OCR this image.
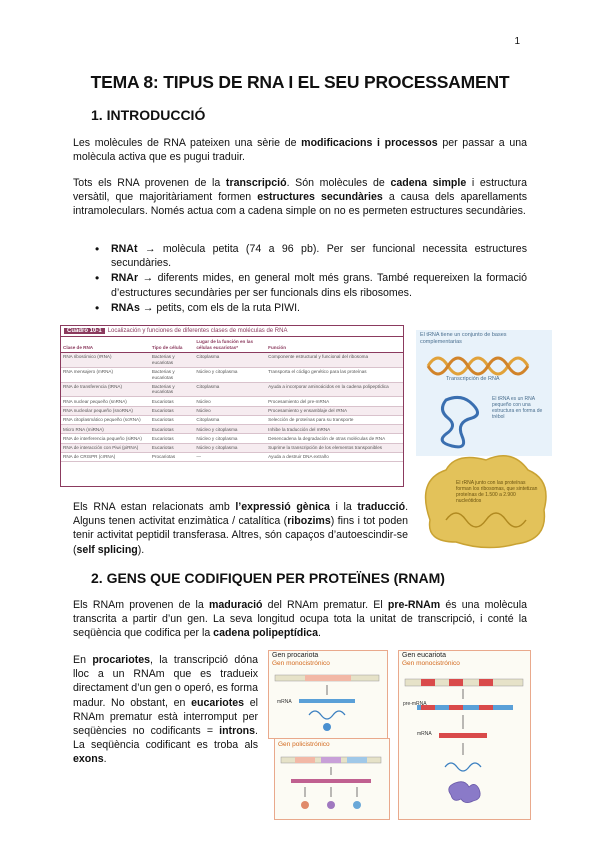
1
TEMA 8: TIPUS DE RNA I EL SEU PROCESSAMENT
1. INTRODUCCIÓ

Les molècules de RNA pateixen una sèrie de modificacions i processos per passar a una molècula activa que es pugui traduir.

Tots els RNA provenen de la transcripció. Són molècules de cadena simple i estructura versàtil, que majoritàriament formen estructures secundàries a causa dels aparellaments intramoleculars. Només actua com a cadena simple on no es permeten estructures secundàries.

• RNAt → molècula petita (74 a 96 pb). Per ser funcional necessita estructures secundàries.
• RNAr → diferents mides, en general molt més grans. També requereixen la formació d’estructures secundàries per ser funcionals dins els ribosomes.
• RNAs → petits, com els de la ruta PIWI.
Cuadro 10-1 Localización y funciones de diferentes clases de moléculas de RNA
Clase de RNA	Tipo de célula	Lugar de la función en las células eucariotas*	Función
RNA ribosómico (rRNA)	Bacterias y eucariotas	Citoplasma	Componente estructural y funcional del ribosoma
RNA mensajero (mRNA)	Bacterias y eucariotas	Núcleo y citoplasma	Transporta el código genético para las proteínas
RNA de transferencia (tRNA)	Bacterias y eucariotas	Citoplasma	Ayuda a incorporar aminoácidos en la cadena polipeptídica
RNA nuclear pequeño (snRNA)	Eucariotas	Núcleo	Procesamiento del pre-mRNA
RNA nucleolar pequeño (snoRNA)	Eucariotas	Núcleo	Procesamiento y ensamblaje del rRNA
RNA citoplasmático pequeño (scRNA)	Eucariotas	Citoplasma	Selección de proteínas para su transporte
Micro RNA (miRNA)	Eucariotas	Núcleo y citoplasma	Inhibe la traducción del mRNA
RNA de interferencia pequeño (siRNA)	Eucariotas	Núcleo y citoplasma	Desencadena la degradación de otras moléculas de RNA
RNA de interacción con Piwi (piRNA)	Eucariotas	Núcleo y citoplasma	Suprime la transcripción de los elementos transponibles
RNA de CRISPR (crRNA)	Procariotas	—	Ayuda a destruir DNA extraño
El tRNA tiene un conjunto de bases complementarias
Transcripción de RNA
El tRNA es un RNA pequeño con una estructura en forma de trébol
El rRNA junto con las proteínas forman los ribosomas, que sintetizan proteínas de 1.500 a 2.900 nucleótidos

Els RNA estan relacionats amb l’expressió gènica i la traducció. Alguns tenen activitat enzimàtica / catalítica (ribozims) fins i tot poden tenir activitat peptidil transferasa. Altres, són capaços d’autoescindir-se (self splicing).

2. GENS QUE CODIFIQUEN PER PROTEÏNES (RNAM)

Els RNAm provenen de la maduració del RNAm prematur. El pre-RNAm és una molècula transcrita a partir d’un gen. La seva longitud ocupa tota la unitat de transcripció, i conté la seqüència que codifica per la cadena polipeptídica.

En procariotes, la transcripció dóna lloc a un RNAm que es tradueix directament d’un gen o operó, es forma madur. No obstant, en eucariotes el RNAm prematur està interromput per seqüències no codificants = introns. La seqüència codificant es troba als exons.

Gen procariota
Gen monocistrónico
mRNA
Gen policistrónico
Gen eucariota
Gen monocistrónico
pre-mRNA
mRNA
